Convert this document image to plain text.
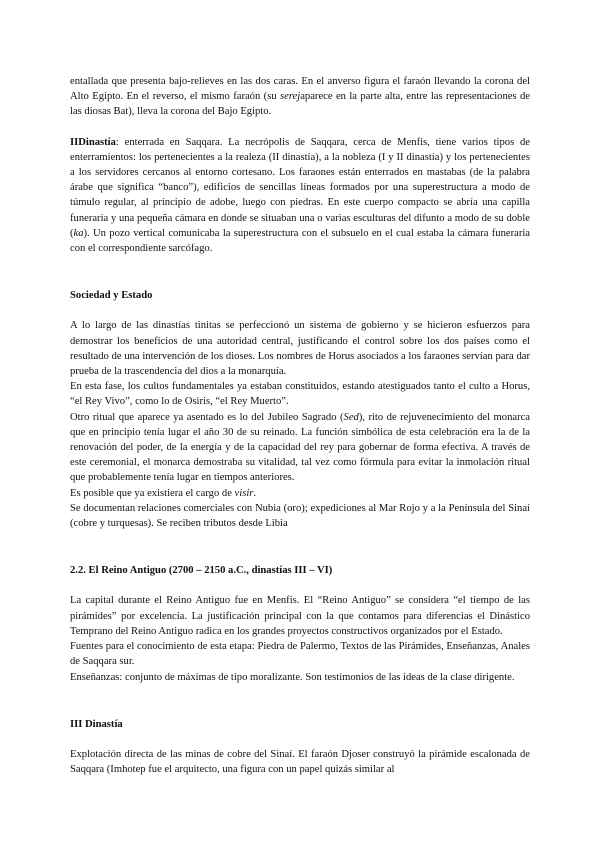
entallada que presenta bajo-relieves en las dos caras. En el anverso figura el faraón llevando la corona del Alto Egipto. En el reverso, el mismo faraón (su serejaparece en la parte alta, entre las representaciones de las diosas Bat), lleva la corona del Bajo Egipto.

IIDinastía: enterrada en Saqqara. La necrópolis de Saqqara, cerca de Menfis, tiene varios tipos de enterramientos: los pertenecientes a la realeza (II dinastía), a la nobleza (I y II dinastía) y los pertenecientes a los servidores cercanos al entorno cortesano. Los faraones están enterrados en mastabas (de la palabra árabe que significa “banco”), edificios de sencillas líneas formados por una superestructura a modo de túmulo regular, al principio de adobe, luego con piedras. En este cuerpo compacto se abría una capilla funeraria y una pequeña cámara en donde se situaban una o varias esculturas del difunto a modo de su doble (ka). Un pozo vertical comunicaba la superestructura con el subsuelo en el cual estaba la cámara funeraria con el correspondiente sarcófago.

Sociedad y Estado

A lo largo de las dinastías tinitas se perfeccionó un sistema de gobierno y se hicieron esfuerzos para demostrar los beneficios de una autoridad central, justificando el control sobre los dos países como el resultado de una intervención de los dioses. Los nombres de Horus asociados a los faraones servían para dar prueba de la trascendencia del dios a la monarquía.

En esta fase, los cultos fundamentales ya estaban constituidos, estando atestiguados tanto el culto a Horus, “el Rey Vivo”, como lo de Osiris, “el Rey Muerto”.

Otro ritual que aparece ya asentado es lo del Jubileo Sagrado (Sed), rito de rejuvenecimiento del monarca que en principio tenía lugar el año 30 de su reinado. La función simbólica de esta celebración era la de la renovación del poder, de la energía y de la capacidad del rey para gobernar de forma efectiva. A través de este ceremonial, el monarca demostraba su vitalidad, tal vez como fórmula para evitar la inmolación ritual que probablemente tenía lugar en tiempos anteriores.

Es posible que ya existiera el cargo de visir.

Se documentan relaciones comerciales con Nubia (oro); expediciones al Mar Rojo y a la Península del Sinaí (cobre y turquesas). Se reciben tributos desde Libia

2.2. El Reino Antiguo (2700 – 2150 a.C., dinastías III – VI)

La capital durante el Reino Antiguo fue en Menfis. El “Reino Antiguo” se considera “el tiempo de las pirámides” por excelencia. La justificación principal con la que contamos para diferencias el Dinástico Temprano del Reino Antiguo radica en los grandes proyectos constructivos organizados por el Estado.

Fuentes para el conocimiento de esta etapa: Piedra de Palermo, Textos de las Pirámides, Enseñanzas, Anales de Saqqara sur.

Enseñanzas: conjunto de máximas de tipo moralizante. Son testimonios de las ideas de la clase dirigente.

III Dinastía

Explotación directa de las minas de cobre del Sinaí. El faraón Djoser construyó la pirámide escalonada de Saqqara (Imhotep fue el arquitecto, una figura con un papel quizás similar al
